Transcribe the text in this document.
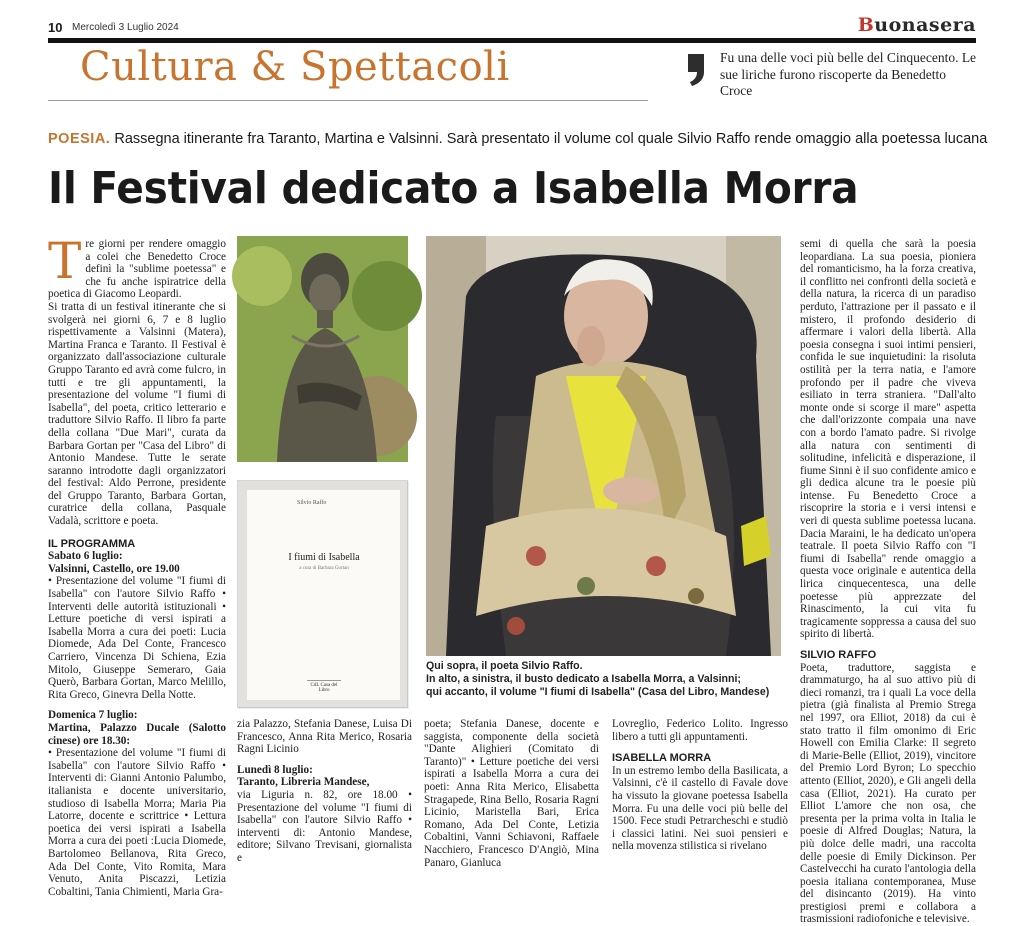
10 Mercoledì 3 Luglio 2024	Buonasera
Cultura & Spettacoli	Fu una delle voci più belle del Cinquecento. Le sue liriche furono riscoperte da Benedetto Croce
POESIA. Rassegna itinerante fra Taranto, Martina e Valsinni. Sarà presentato il volume col quale Silvio Raffo rende omaggio alla poetessa lucana
Il Festival dedicato a Isabella Morra
T re giorni per rendere omaggio a colei che Benedetto Croce definì la "sublime poetessa" e che fu anche ispiratrice della poetica di Giacomo Leopardi.

Si tratta di un festival itinerante che si svolgerà nei giorni 6, 7 e 8 luglio rispettivamente a Valsinni (Matera), Martina Franca e Taranto. Il Festival è organizzato dall'associazione culturale Gruppo Taranto ed avrà come fulcro, in tutti e tre gli appuntamenti, la presentazione del volume "I fiumi di Isabella", del poeta, critico letterario e traduttore Silvio Raffo. Il libro fa parte della collana "Due Mari", curata da Barbara Gortan per "Casa del Libro" di Antonio Mandese. Tutte le serate saranno introdotte dagli organizzatori del festival: Aldo Perrone, presidente del Gruppo Taranto, Barbara Gortan, curatrice della collana, Pasquale Vadalà, scrittore e poeta.

IL PROGRAMMA

Sabato 6 luglio:

Valsinni, Castello, ore 19.00

• Presentazione del volume "I fiumi di Isabella" con l'autore Silvio Raffo • Interventi delle autorità istituzionali • Letture poetiche di versi ispirati a Isabella Morra a cura dei poeti: Lucia Diomede, Ada Del Conte, Francesco Carriero, Vincenza Di Schiena, Ezia Mitolo, Giuseppe Semeraro, Gaia Querò, Barbara Gortan, Marco Melillo, Rita Greco, Ginevra Della Notte.

Domenica 7 luglio:

Martina, Palazzo Ducale (Salotto cinese) ore 18.30:

• Presentazione del volume "I fiumi di Isabella" con l'autore Silvio Raffo • Interventi di: Gianni Antonio Palumbo, italianista e docente universitario, studioso di Isabella Morra; Maria Pia Latorre, docente e scrittrice • Lettura poetica dei versi ispirati a Isabella Morra a cura dei poeti :Lucia Diomede, Bartolomeo Bellanova, Rita Greco, Ada Del Conte, Vito Romita, Mara Venuto, Anita Piscazzi, Letizia Cobaltini, Tania Chimienti, Maria Gra-

Silvio Raffo
I fiumi di Isabella
a cura di Barbara Gortan
CdL Casa del Libro

Qui sopra, il poeta Silvio Raffo.

In alto, a sinistra, il busto dedicato a Isabella Morra, a Valsinni;

qui accanto, il volume "I fiumi di Isabella" (Casa del Libro, Mandese)

zia Palazzo, Stefania Danese, Luisa Di Francesco, Anna Rita Merico, Rosaria Ragni Licinio

Lunedì 8 luglio:

Taranto, Libreria Mandese,

via Liguria n. 82, ore 18.00 • Presentazione del volume "I fiumi di Isabella" con l'autore Silvio Raffo • interventi di: Antonio Mandese, editore; Silvano Trevisani, giornalista e

poeta; Stefania Danese, docente e saggista, componente della società "Dante Alighieri (Comitato di Taranto)" • Letture poetiche dei versi ispirati a Isabella Morra a cura dei poeti: Anna Rita Merico, Elisabetta Stragapede, Rina Bello, Rosaria Ragni Licinio, Maristella Bari, Erica Romano, Ada Del Conte, Letizia Cobaltini, Vanni Schiavoni, Raffaele Nacchiero, Francesco D'Angiò, Mina Panaro, Gianluca

Lovreglio, Federico Lolito. Ingresso libero a tutti gli appuntamenti.

ISABELLA MORRA

In un estremo lembo della Basilicata, a Valsinni, c'è il castello di Favale dove ha vissuto la giovane poetessa Isabella Morra. Fu una delle voci più belle del 1500. Fece studi Petrarcheschi e studiò i classici latini. Nei suoi pensieri e nella movenza stilistica si rivelano

semi di quella che sarà la poesia leopardiana. La sua poesia, pioniera del romanticismo, ha la forza creativa, il conflitto nei confronti della società e della natura, la ricerca di un paradiso perduto, l'attrazione per il passato e il mistero, il profondo desiderio di affermare i valori della libertà. Alla poesia consegna i suoi intimi pensieri, confida le sue inquietudini: la risoluta ostilità per la terra natia, e l'amore profondo per il padre che viveva esiliato in terra straniera. "Dall'alto monte onde si scorge il mare" aspetta che dall'orizzonte compaia una nave con a bordo l'amato padre. Si rivolge alla natura con sentimenti di solitudine, infelicità e disperazione, il fiume Sinni è il suo confidente amico e gli dedica alcune tra le poesie più intense. Fu Benedetto Croce a riscoprire la storia e i versi intensi e veri di questa sublime poetessa lucana. Dacia Maraini, le ha dedicato un'opera teatrale. Il poeta Silvio Raffo con "I fiumi di Isabella" rende omaggio a questa voce originale e autentica della lirica cinquecentesca, una delle poetesse più apprezzate del Rinascimento, la cui vita fu tragicamente soppressa a causa del suo spirito di libertà.

SILVIO RAFFO

Poeta, traduttore, saggista e drammaturgo, ha al suo attivo più di dieci romanzi, tra i quali La voce della pietra (già finalista al Premio Strega nel 1997, ora Elliot, 2018) da cui è stato tratto il film omonimo di Eric Howell con Emilia Clarke: Il segreto di Marie-Belle (Elliot, 2019), vincitore del Premio Lord Byron; Lo specchio attento (Elliot, 2020), e Gli angeli della casa (Elliot, 2021). Ha curato per Elliot L'amore che non osa, che presenta per la prima volta in Italia le poesie di Alfred Douglas; Natura, la più dolce delle madri, una raccolta delle poesie di Emily Dickinson. Per Castelvecchi ha curato l'antologia della poesia italiana contemporanea, Muse del disincanto (2019). Ha vinto prestigiosi premi e collabora a trasmissioni radiofoniche e televisive.
